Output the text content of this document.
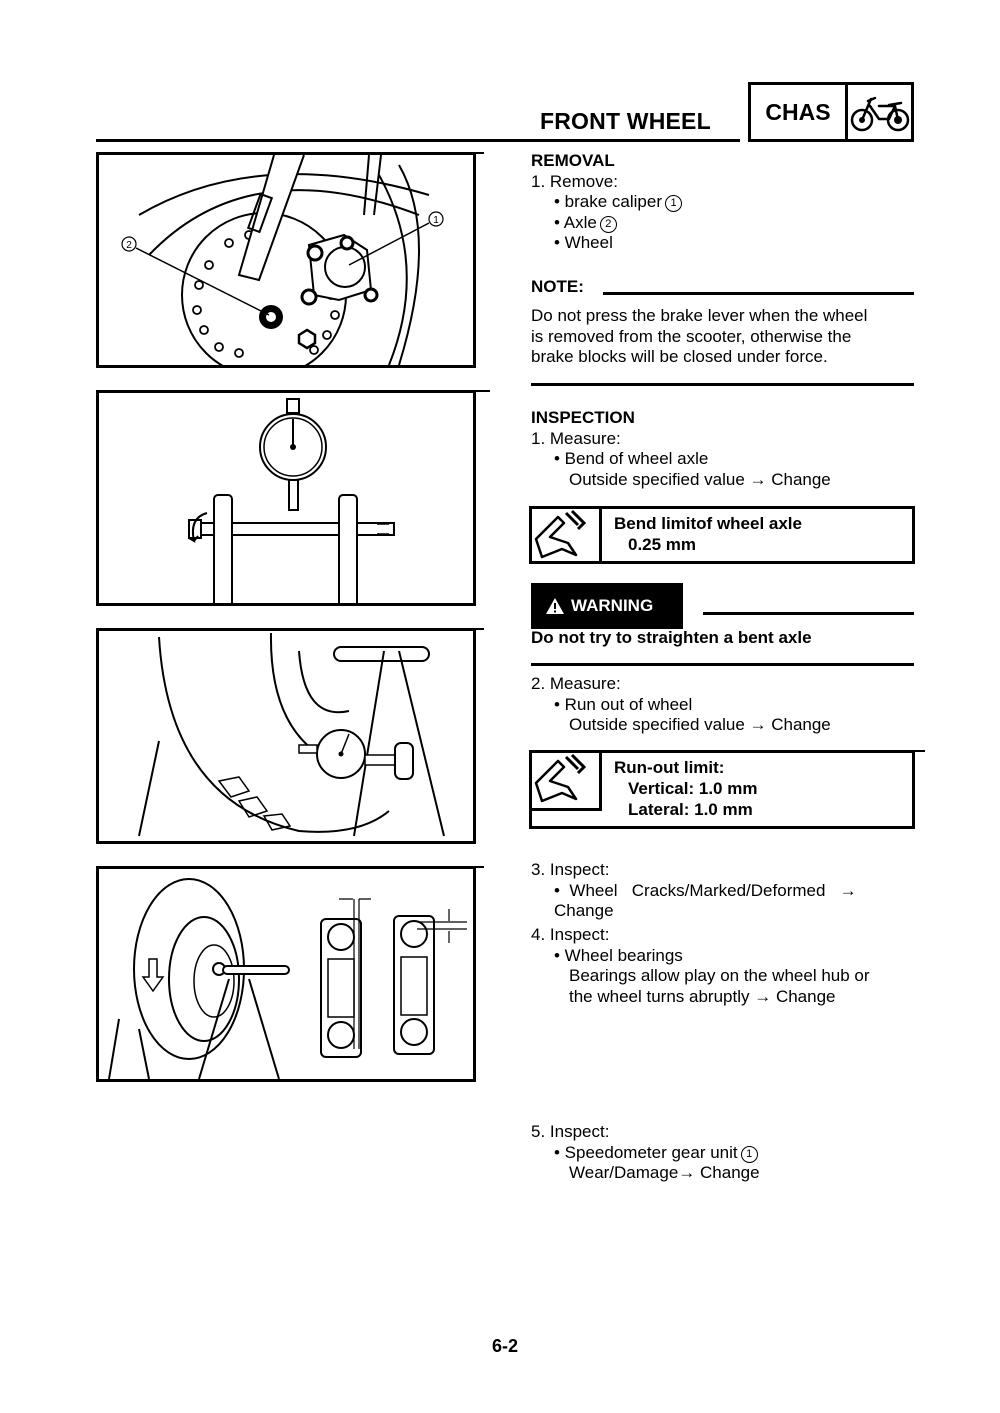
FRONT WHEEL	CHAS
1
2
REMOVAL
1. Remove:
• brake caliper 1
• Axle 2
• Wheel
NOTE:
Do not press the brake lever when the wheel
is removed from the scooter, otherwise the
brake blocks will be closed under force.
INSPECTION
1. Measure:
• Bend of wheel axle
Outside specified value → Change
Bend limitof wheel axle
0.25 mm
WARNING
Do not try to straighten a bent axle
2. Measure:
• Run out of wheel
Outside specified value → Change
Run-out limit:
Vertical: 1.0 mm
Lateral: 1.0 mm
3. Inspect:
•  Wheel   Cracks/Marked/Deformed   →
Change
4. Inspect:
• Wheel bearings
Bearings allow play on the wheel hub or
the wheel turns abruptly → Change
5. Inspect:
• Speedometer gear unit 1
Wear/Damage→ Change
6-2
